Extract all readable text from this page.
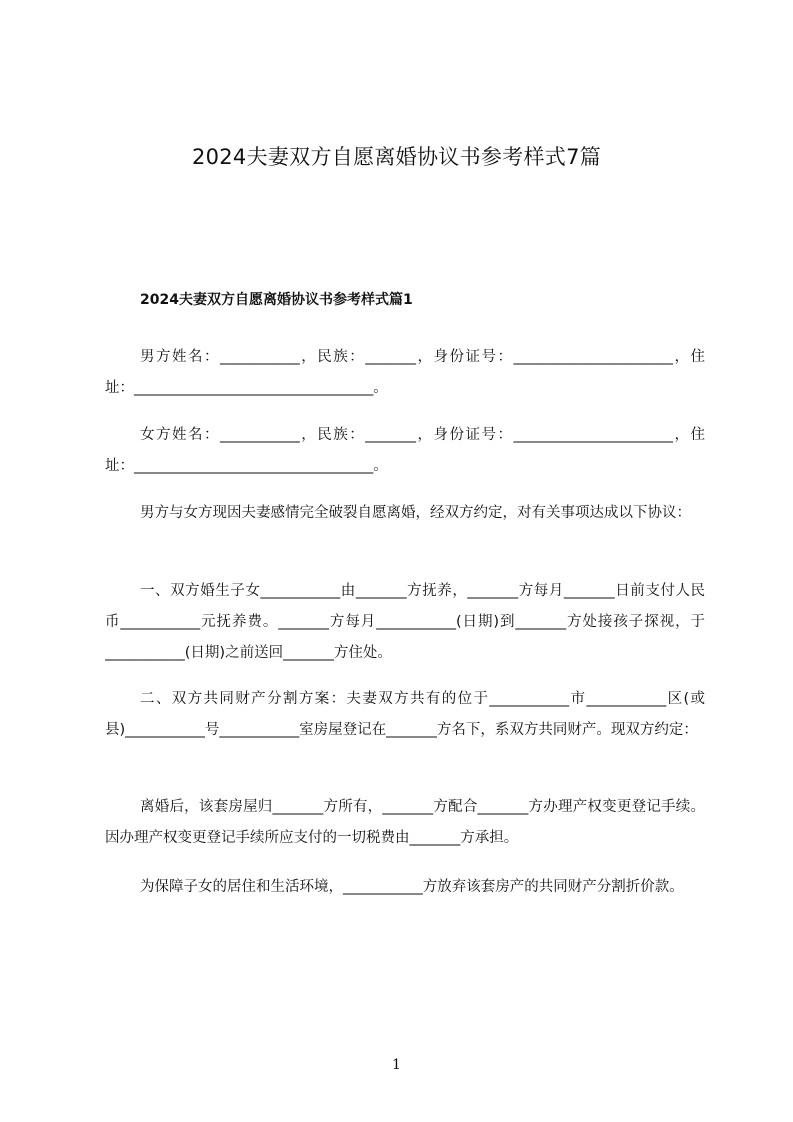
2024夫妻双方自愿离婚协议书参考样式7篇
2024夫妻双方自愿离婚协议书参考样式篇1

男方姓名：___________，民族：_______，身份证号：______________________，住址：_________________________________。

女方姓名：___________，民族：_______，身份证号：______________________，住址：_________________________________。

男方与女方现因夫妻感情完全破裂自愿离婚，经双方约定，对有关事项达成以下协议：

一、双方婚生子女___________由_______方抚养，_______方每月_______日前支付人民币___________元抚养费。_______方每月___________(日期)到_______方处接孩子探视，于___________(日期)之前送回_______方住处。

二、双方共同财产分割方案：夫妻双方共有的位于___________市___________区(或县)___________号___________室房屋登记在_______方名下，系双方共同财产。现双方约定：

离婚后，该套房屋归_______方所有，_______方配合_______方办理产权变更登记手续。因办理产权变更登记手续所应支付的一切税费由_______方承担。

为保障子女的居住和生活环境，___________方放弃该套房产的共同财产分割折价款。

1
